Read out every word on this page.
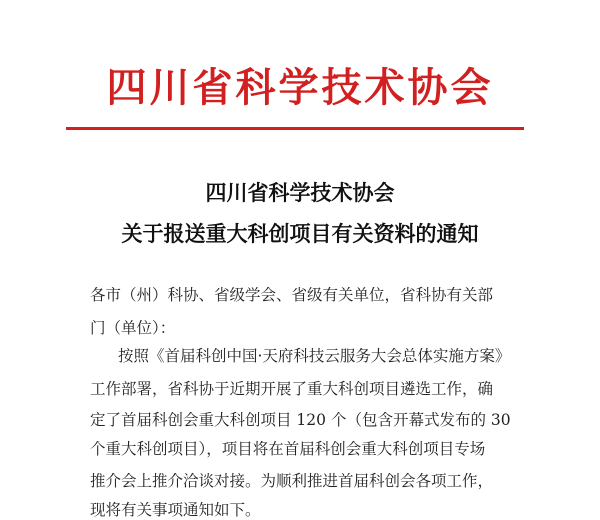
四川省科学技术协会
四川省科学技术协会
关于报送重大科创项目有关资料的通知
各市（州）科协、省级学会、省级有关单位，省科协有关部
门（单位）：
按照《首届科创中国·天府科技云服务大会总体实施方案》
工作部署，省科协于近期开展了重大科创项目遴选工作，确
定了首届科创会重大科创项目 120 个（包含开幕式发布的 30
个重大科创项目），项目将在首届科创会重大科创项目专场
推介会上推介洽谈对接。为顺利推进首届科创会各项工作，
现将有关事项通知如下。
